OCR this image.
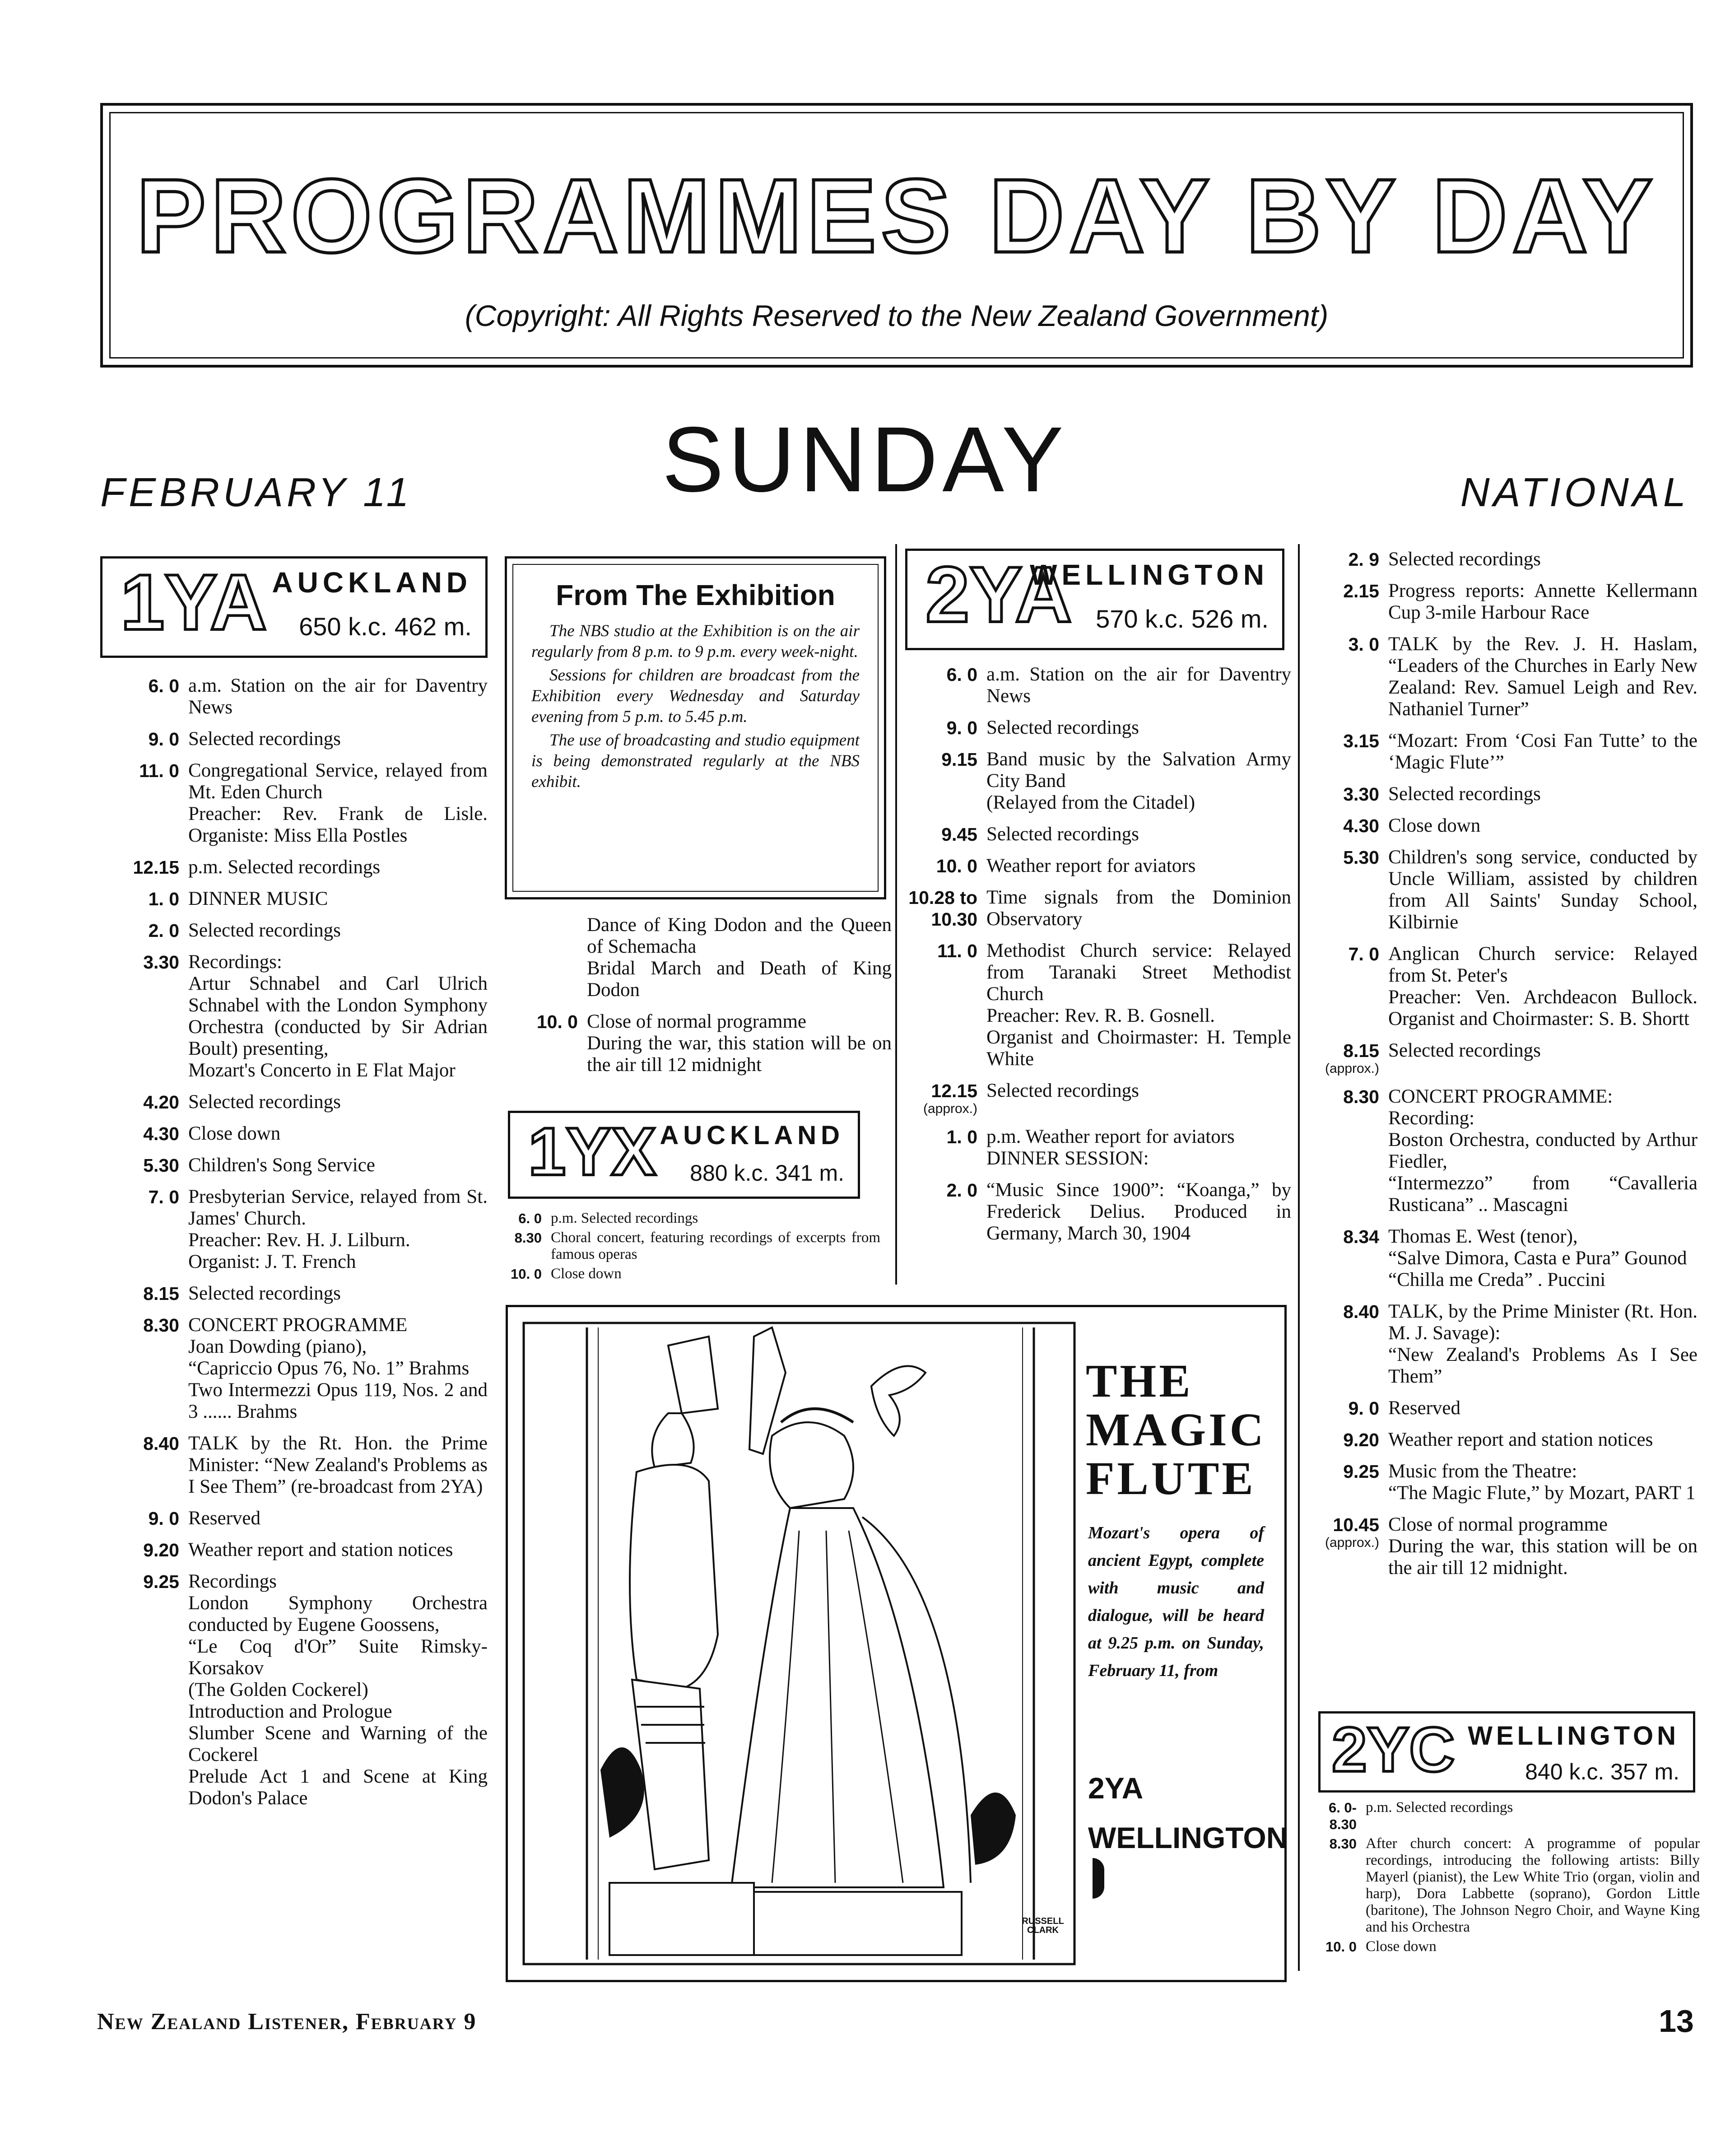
PROGRAMMES DAY BY DAY
(Copyright: All Rights Reserved to the New Zealand Government)
FEBRUARY 11	SUNDAY	NATIONAL
1YA AUCKLAND
650 k.c. 462 m.
6. 0 a.m. Station on the air for Daventry News
9. 0 Selected recordings
11. 0 Congregational Service, relayed from Mt. Eden Church
Preacher: Rev. Frank de Lisle. Organiste: Miss Ella Postles
12.15 p.m. Selected recordings
1. 0 DINNER MUSIC
2. 0 Selected recordings
3.30 Recordings:
Artur Schnabel and Carl Ulrich Schnabel with the London Symphony Orchestra (conducted by Sir Adrian Boult) presenting,
Mozart's Concerto in E Flat Major
4.20 Selected recordings
4.30 Close down
5.30 Children's Song Service
7. 0 Presbyterian Service, relayed from St. James' Church.
Preacher: Rev. H. J. Lilburn.
Organist: J. T. French
8.15 Selected recordings
8.30 CONCERT PROGRAMME
Joan Dowding (piano),
“Capriccio Opus 76, No. 1” Brahms
Two Intermezzi Opus 119, Nos. 2 and 3 ...... Brahms
8.40 TALK by the Rt. Hon. the Prime Minister: “New Zealand's Problems as I See Them” (re-broadcast from 2YA)
9. 0 Reserved
9.20 Weather report and station notices
9.25 Recordings
London Symphony Orchestra conducted by Eugene Goossens,
“Le Coq d'Or” Suite Rimsky-Korsakov
(The Golden Cockerel)
Introduction and Prologue
Slumber Scene and Warning of the Cockerel
Prelude Act 1 and Scene at King Dodon's Palace
From The Exhibition

The NBS studio at the Exhibition is on the air regularly from 8 p.m. to 9 p.m. every week-night.

Sessions for children are broadcast from the Exhibition every Wednesday and Saturday evening from 5 p.m. to 5.45 p.m.

The use of broadcasting and studio equipment is being demonstrated regularly at the NBS exhibit.

Dance of King Dodon and the Queen of Schemacha
Bridal March and Death of King Dodon
10. 0 Close of normal programme
During the war, this station will be on the air till 12 midnight
1YX AUCKLAND
880 k.c. 341 m.
6. 0 p.m. Selected recordings
8.30 Choral concert, featuring recordings of excerpts from famous operas
10. 0 Close down
2YA
WELLINGTON
570 k.c. 526 m.
6. 0 a.m. Station on the air for Daventry News
9. 0 Selected recordings
9.15 Band music by the Salvation Army City Band
(Relayed from the Citadel)
9.45 Selected recordings
10. 0 Weather report for aviators
10.28 to 10.30
Time signals from the Dominion Observatory
11. 0 Methodist Church service: Relayed from Taranaki Street Methodist Church
Preacher: Rev. R. B. Gosnell.
Organist and Choirmaster: H. Temple White
12.15
(approx.)
Selected recordings
1. 0 p.m. Weather report for aviators
DINNER SESSION:
2. 0 “Music Since 1900”: “Koanga,” by Frederick Delius. Produced in Germany, March 30, 1904
2. 9 Selected recordings
2.15 Progress reports: Annette Kellermann Cup 3-mile Harbour Race
3. 0 TALK by the Rev. J. H. Haslam, “Leaders of the Churches in Early New Zealand: Rev. Samuel Leigh and Rev. Nathaniel Turner”
3.15 “Mozart: From ‘Cosi Fan Tutte’ to the ‘Magic Flute’”
3.30 Selected recordings
4.30 Close down
5.30 Children's song service, conducted by Uncle William, assisted by children from All Saints' Sunday School, Kilbirnie
7. 0 Anglican Church service: Relayed from St. Peter's
Preacher: Ven. Archdeacon Bullock. Organist and Choirmaster: S. B. Shortt
8.15
(approx.)
Selected recordings
8.30 CONCERT PROGRAMME:
Recording:
Boston Orchestra, conducted by Arthur Fiedler,
“Intermezzo” from “Cavalleria Rusticana” .. Mascagni
8.34 Thomas E. West (tenor),
“Salve Dimora, Casta e Pura” Gounod
“Chilla me Creda” . Puccini
8.40 TALK, by the Prime Minister (Rt. Hon. M. J. Savage):
“New Zealand's Problems As I See Them”
9. 0 Reserved
9.20 Weather report and station notices
9.25 Music from the Theatre:
“The Magic Flute,” by Mozart, PART 1
10.45
(approx.)
Close of normal programme
During the war, this station will be on the air till 12 midnight.
2YC WELLINGTON
840 k.c. 357 m.
6. 0-8.30
p.m. Selected recordings
8.30 After church concert: A programme of popular recordings, introducing the following artists: Billy Mayerl (pianist), the Lew White Trio (organ, violin and harp), Dora Labbette (soprano), Gordon Little (baritone), The Johnson Negro Choir, and Wayne King and his Orchestra
10. 0 Close down
RUSSELL CLARK
THE
MAGIC
FLUTE
Mozart's opera of ancient Egypt, complete with music and dialogue, will be heard at 9.25 p.m. on Sunday, February 11, from
2YA
WELLINGTON
New Zealand Listener, February 9	13
